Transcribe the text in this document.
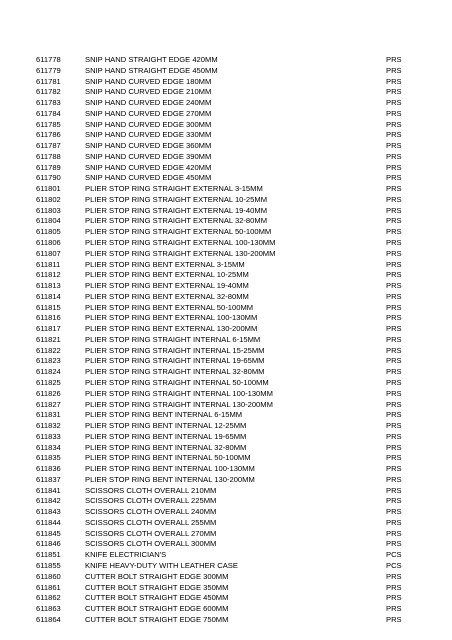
611778	SNIP HAND STRAIGHT EDGE 420MM	PRS
611779	SNIP HAND STRAIGHT EDGE 450MM	PRS
611781	SNIP HAND CURVED EDGE 180MM	PRS
611782	SNIP HAND CURVED EDGE 210MM	PRS
611783	SNIP HAND CURVED EDGE 240MM	PRS
611784	SNIP HAND CURVED EDGE 270MM	PRS
611785	SNIP HAND CURVED EDGE 300MM	PRS
611786	SNIP HAND CURVED EDGE 330MM	PRS
611787	SNIP HAND CURVED EDGE 360MM	PRS
611788	SNIP HAND CURVED EDGE 390MM	PRS
611789	SNIP HAND CURVED EDGE 420MM	PRS
611790	SNIP HAND CURVED EDGE 450MM	PRS
611801	PLIER STOP RING STRAIGHT EXTERNAL 3-15MM	PRS
611802	PLIER STOP RING STRAIGHT EXTERNAL 10-25MM	PRS
611803	PLIER STOP RING STRAIGHT EXTERNAL 19-40MM	PRS
611804	PLIER STOP RING STRAIGHT EXTERNAL 32-80MM	PRS
611805	PLIER STOP RING STRAIGHT EXTERNAL 50-100MM	PRS
611806	PLIER STOP RING STRAIGHT EXTERNAL 100-130MM	PRS
611807	PLIER STOP RING STRAIGHT EXTERNAL 130-200MM	PRS
611811	PLIER STOP RING BENT EXTERNAL 3-15MM	PRS
611812	PLIER STOP RING BENT EXTERNAL 10-25MM	PRS
611813	PLIER STOP RING BENT EXTERNAL 19-40MM	PRS
611814	PLIER STOP RING BENT EXTERNAL 32-80MM	PRS
611815	PLIER STOP RING BENT EXTERNAL 50-100MM	PRS
611816	PLIER STOP RING BENT EXTERNAL 100-130MM	PRS
611817	PLIER STOP RING BENT EXTERNAL 130-200MM	PRS
611821	PLIER STOP RING STRAIGHT INTERNAL 6-15MM	PRS
611822	PLIER STOP RING STRAIGHT INTERNAL 15-25MM	PRS
611823	PLIER STOP RING STRAIGHT INTERNAL 19-65MM	PRS
611824	PLIER STOP RING STRAIGHT INTERNAL 32-80MM	PRS
611825	PLIER STOP RING STRAIGHT INTERNAL 50-100MM	PRS
611826	PLIER STOP RING STRAIGHT INTERNAL 100-130MM	PRS
611827	PLIER STOP RING STRAIGHT INTERNAL 130-200MM	PRS
611831	PLIER STOP RING BENT INTERNAL 6-15MM	PRS
611832	PLIER STOP RING BENT INTERNAL 12-25MM	PRS
611833	PLIER STOP RING BENT INTERNAL 19-65MM	PRS
611834	PLIER STOP RING BENT INTERNAL 32-80MM	PRS
611835	PLIER STOP RING BENT INTERNAL 50-100MM	PRS
611836	PLIER STOP RING BENT INTERNAL 100-130MM	PRS
611837	PLIER STOP RING BENT INTERNAL 130-200MM	PRS
611841	SCISSORS CLOTH OVERALL 210MM	PRS
611842	SCISSORS CLOTH OVERALL 225MM	PRS
611843	SCISSORS CLOTH OVERALL 240MM	PRS
611844	SCISSORS CLOTH OVERALL 255MM	PRS
611845	SCISSORS CLOTH OVERALL 270MM	PRS
611846	SCISSORS CLOTH OVERALL 300MM	PRS
611851	KNIFE ELECTRICIAN'S	PCS
611855	KNIFE HEAVY-DUTY WITH LEATHER CASE	PCS
611860	CUTTER BOLT STRAIGHT EDGE 300MM	PRS
611861	CUTTER BOLT STRAIGHT EDGE 350MM	PRS
611862	CUTTER BOLT STRAIGHT EDGE 450MM	PRS
611863	CUTTER BOLT STRAIGHT EDGE 600MM	PRS
611864	CUTTER BOLT STRAIGHT EDGE 750MM	PRS
